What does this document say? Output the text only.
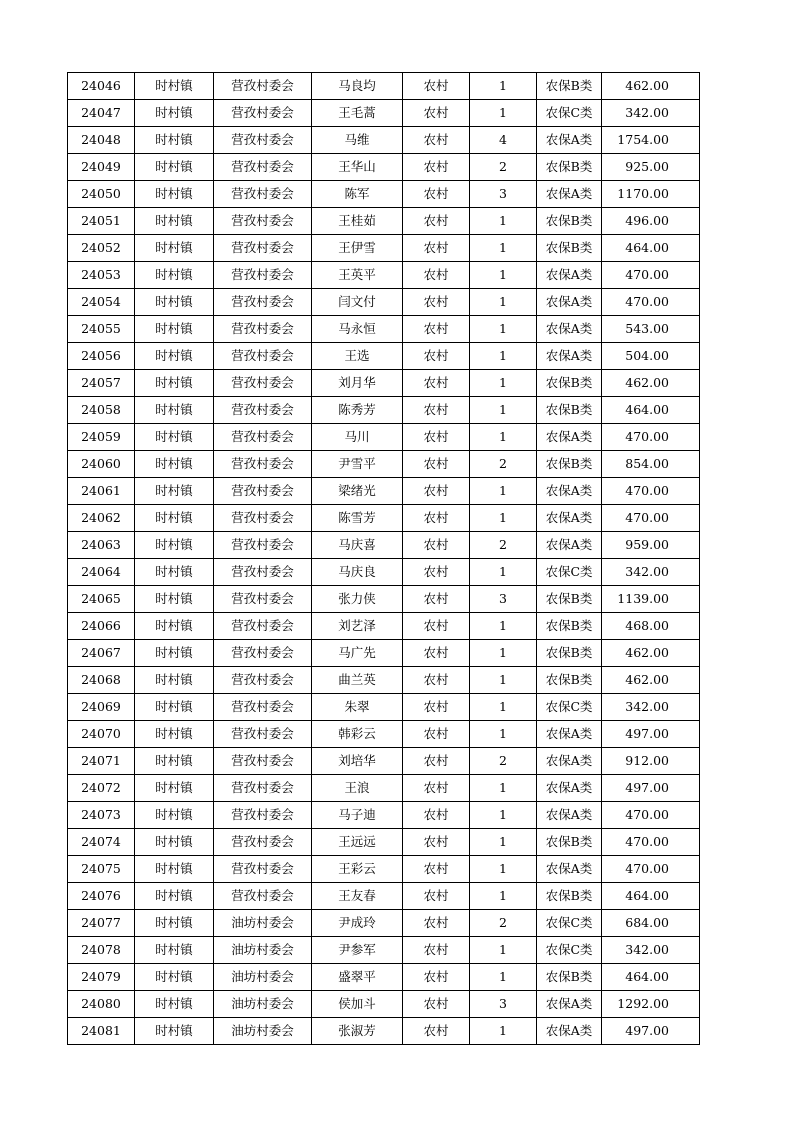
24046	时村镇	营孜村委会	马良均	农村	1	农保B类	462.00
24047	时村镇	营孜村委会	王毛蒿	农村	1	农保C类	342.00
24048	时村镇	营孜村委会	马维	农村	4	农保A类	1754.00
24049	时村镇	营孜村委会	王华山	农村	2	农保B类	925.00
24050	时村镇	营孜村委会	陈军	农村	3	农保A类	1170.00
24051	时村镇	营孜村委会	王桂茹	农村	1	农保B类	496.00
24052	时村镇	营孜村委会	王伊雪	农村	1	农保B类	464.00
24053	时村镇	营孜村委会	王英平	农村	1	农保A类	470.00
24054	时村镇	营孜村委会	闫文付	农村	1	农保A类	470.00
24055	时村镇	营孜村委会	马永恒	农村	1	农保A类	543.00
24056	时村镇	营孜村委会	王选	农村	1	农保A类	504.00
24057	时村镇	营孜村委会	刘月华	农村	1	农保B类	462.00
24058	时村镇	营孜村委会	陈秀芳	农村	1	农保B类	464.00
24059	时村镇	营孜村委会	马川	农村	1	农保A类	470.00
24060	时村镇	营孜村委会	尹雪平	农村	2	农保B类	854.00
24061	时村镇	营孜村委会	梁绪光	农村	1	农保A类	470.00
24062	时村镇	营孜村委会	陈雪芳	农村	1	农保A类	470.00
24063	时村镇	营孜村委会	马庆喜	农村	2	农保A类	959.00
24064	时村镇	营孜村委会	马庆良	农村	1	农保C类	342.00
24065	时村镇	营孜村委会	张力侠	农村	3	农保B类	1139.00
24066	时村镇	营孜村委会	刘艺泽	农村	1	农保B类	468.00
24067	时村镇	营孜村委会	马广先	农村	1	农保B类	462.00
24068	时村镇	营孜村委会	曲兰英	农村	1	农保B类	462.00
24069	时村镇	营孜村委会	朱翠	农村	1	农保C类	342.00
24070	时村镇	营孜村委会	韩彩云	农村	1	农保A类	497.00
24071	时村镇	营孜村委会	刘培华	农村	2	农保A类	912.00
24072	时村镇	营孜村委会	王浪	农村	1	农保A类	497.00
24073	时村镇	营孜村委会	马子迪	农村	1	农保A类	470.00
24074	时村镇	营孜村委会	王远远	农村	1	农保B类	470.00
24075	时村镇	营孜村委会	王彩云	农村	1	农保A类	470.00
24076	时村镇	营孜村委会	王友春	农村	1	农保B类	464.00
24077	时村镇	油坊村委会	尹成玲	农村	2	农保C类	684.00
24078	时村镇	油坊村委会	尹参军	农村	1	农保C类	342.00
24079	时村镇	油坊村委会	盛翠平	农村	1	农保B类	464.00
24080	时村镇	油坊村委会	侯加斗	农村	3	农保A类	1292.00
24081	时村镇	油坊村委会	张淑芳	农村	1	农保A类	497.00
